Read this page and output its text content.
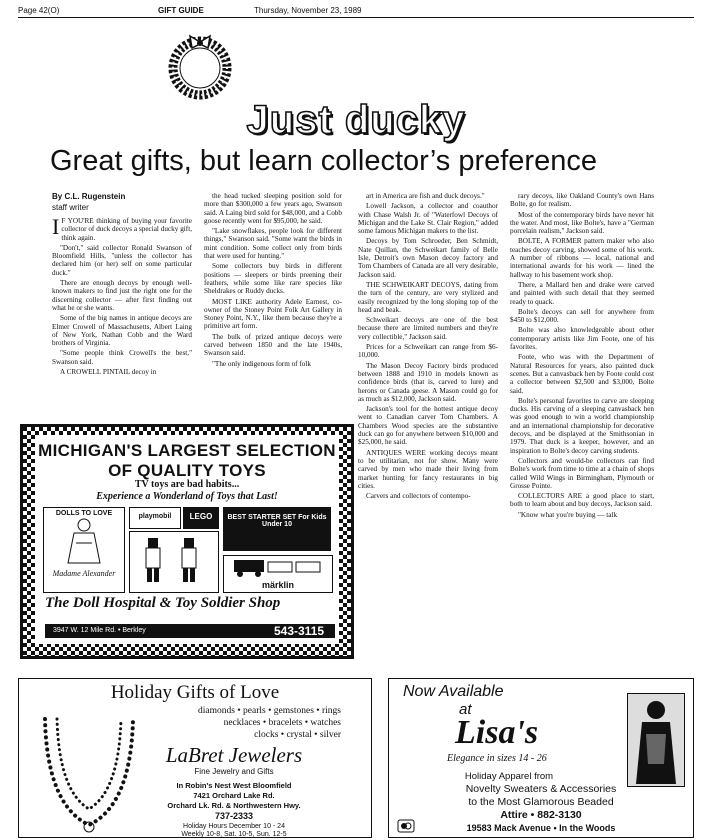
Page 42(O)	GIFT GUIDE	Thursday, November 23, 1989
Just ducky
Great gifts, but learn collector’s preference

By C.L. Rugenstein

staff writer

I F YOU'RE thinking of buying your favorite collector of duck decoys a special ducky gift, think again.

"Don't," said collector Ronald Swanson of Bloomfield Hills, "unless the collector has declared him (or her) self on some particular duck."

There are enough decoys by enough well-known makers to find just the right one for the discerning collector — after first finding out what he or she wants.

Some of the big names in antique decoys are Elmer Crowell of Massachusetts, Albert Laing of New York, Nathan Cobb and the Ward brothers of Virginia.

"Some people think Crowell's the best," Swanson said.

A CROWELL PINTAIL decoy in

the head tucked sleeping position sold for more than $300,000 a few years ago, Swanson said. A Laing bird sold for $48,000, and a Cobb goose recently went for $95,000, he said.

"Lake snowflakes, people look for different things," Swanson said. "Some want the birds in mint condition. Some collect only from birds that were used for hunting."

Some collectors buy birds in different positions — sleepers or birds preening their feathers, while some like rare species like Sheldrakes or Ruddy ducks.

MOST LIKE authority Adele Earnest, co-owner of the Stoney Point Folk Art Gallery in Stoney Point, N.Y., like them because they're a primitive art form.

The bulk of prized antique decoys were carved between 1850 and the late 1940s, Swanson said.

"The only indigenous form of folk

art in America are fish and duck decoys."

Lowell Jackson, a collector and coauthor with Chase Walsh Jr. of "Waterfowl Decoys of Michigan and the Lake St. Clair Region," added some famous Michigan makers to the list.

Decoys by Tom Schroeder, Ben Schmidt, Nate Quillan, the Schweikart family of Belle Isle, Detroit's own Mason decoy factory and Tom Chambers of Canada are all very desirable, Jackson said.

THE SCHWEIKART DECOYS, dating from the turn of the century, are very stylized and easily recognized by the long sloping top of the head and beak.

Schweikart decoys are one of the best because there are limited numbers and they're very collectible," Jackson said.

Prices for a Schweikart can range from $6-10,000.

The Mason Decoy Factory birds produced between 1888 and 1910 in models known as confidence birds (that is, carved to lure) and herons or Canada geese. A Mason could go for as much as $12,000, Jackson said.

Jackson's tool for the hottest antique decoy went to Canadian carver Tom Chambers. A Chambers Wood species are the substantive duck can go for anywhere between $10,000 and $25,000, he said.

ANTIQUES WERE working decoys meant to be utilitarian, not for show. Many were carved by men who made their living from market hunting for fancy restaurants in big cities.

Carvers and collectors of contempo-

rary decoys, like Oakland County's own Hans Bolte, go for realism.

Most of the contemporary birds have never hit the water. And most, like Bolte's, have a "German porcelain realism," Jackson said.

BOLTE, A FORMER pattern maker who also teaches decoy carving, showed some of his work. A number of ribbons — local, national and international awards for his work — lined the hallway to his basement work shop.

There, a Mallard hen and drake were carved and painted with such detail that they seemed ready to quack.

Bolte's decoys can sell for anywhere from $450 to $12,000.

Bolte was also knowledgeable about other contemporary artists like Jim Foote, one of his favorites.

Foote, who was with the Department of Natural Resources for years, also painted duck scenes. But a canvasback hen by Foote could cost a collector between $2,500 and $3,000, Bolte said.

Bolte's personal favorites to carve are sleeping ducks. His carving of a sleeping canvasback hen was good enough to win a world championship and an international championship for decorative decoys, and be displayed at the Smithsonian in 1979. That duck is a keeper, however, and an inspiration to Bolte's decoy carving students.

Collectors and would-be collectors can find Bolte's work from time to time at a chain of shops called Wild Wings in Birmingham, Plymouth or Grosse Pointe.

COLLECTORS ARE a good place to start, both to learn about and buy decoys, Jackson said.

"Know what you're buying — talk

MICHIGAN'S LARGEST SELECTION OF QUALITY TOYS
TV toys are bad habits...
Experience a Wonderland of Toys that Last!
DOLLS TO LOVE
Madame Alexander
playmobil	LEGO	BEST STARTER SET For Kids Under 10
märklin
The Doll Hospital & Toy Soldier Shop
3947 W. 12 Mile Rd. • Berkley	543-3115
Holiday Gifts of Love
diamonds • pearls • gemstones • rings
necklaces • bracelets • watches
clocks • crystal • silver
LaBret Jewelers
Fine Jewelry and Gifts
In Robin's Nest West Bloomfield
7421 Orchard Lake Rd.
Orchard Lk. Rd. & Northwestern Hwy.
737-2333
Holiday Hours December 10 - 24
Weekly 10-8, Sat. 10-5, Sun. 12-5
Now Available
at
Lisa's
Elegance in sizes 14 - 26
Holiday Apparel from
Novelty Sweaters & Accessories
to the Most Glamorous Beaded
Attire • 882-3130
19583 Mack Avenue • In the Woods
